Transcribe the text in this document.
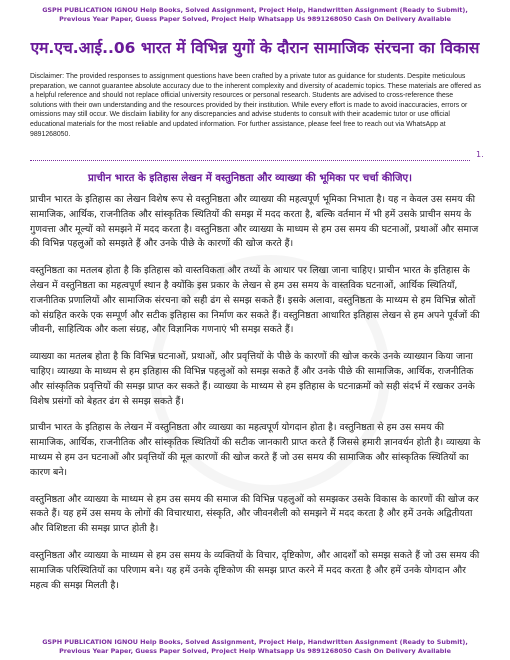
GSPH PUBLICATION IGNOU Help Books, Solved Assignment, Project Help, Handwritten Assignment (Ready to Submit),
Previous Year Paper, Guess Paper Solved, Project Help Whatsapp Us 9891268050 Cash On Delivery Available
एम.एच.आई..06 भारत में विभिन्न युगों के दौरान सामाजिक संरचना का विकास
Disclaimer: The provided responses to assignment questions have been crafted by a private tutor as guidance for students. Despite meticulous preparation, we cannot guarantee absolute accuracy due to the inherent complexity and diversity of academic topics. These materials are offered as a helpful reference and should not replace official university resources or personal research. Students are advised to cross-reference these solutions with their own understanding and the resources provided by their institution. While every effort is made to avoid inaccuracies, errors or omissions may still occur. We disclaim liability for any discrepancies and advise students to consult with their academic tutor or use official educational materials for the most reliable and updated information. For further assistance, please feel free to reach out via WhatsApp at 9891268050.
1.
प्राचीन भारत के इतिहास लेखन में वस्तुनिष्ठता और व्याख्या की भूमिका पर चर्चा कीजिए।

प्राचीन भारत के इतिहास का लेखन विशेष रूप से वस्तुनिष्ठता और व्याख्या की महत्वपूर्ण भूमिका निभाता है। यह न केवल उस समय की सामाजिक, आर्थिक, राजनीतिक और सांस्कृतिक स्थितियों की समझ में मदद करता है, बल्कि वर्तमान में भी हमें उसके प्राचीन समय के गुणवत्ता और मूल्यों को समझने में मदद करता है। वस्तुनिष्ठता और व्याख्या के माध्यम से हम उस समय की घटनाओं, प्रथाओं और समाज की विभिन्न पहलुओं को समझते हैं और उनके पीछे के कारणों की खोज करते हैं।

वस्तुनिष्ठता का मतलब होता है कि इतिहास को वास्तविकता और तथ्यों के आधार पर लिखा जाना चाहिए। प्राचीन भारत के इतिहास के लेखन में वस्तुनिष्ठता का महत्वपूर्ण स्थान है क्योंकि इस प्रकार के लेखन से हम उस समय के वास्तविक घटनाओं, आर्थिक स्थितियाँ, राजनीतिक प्रणालियों और सामाजिक संरचना को सही ढंग से समझ सकते हैं। इसके अलावा, वस्तुनिष्ठता के माध्यम से हम विभिन्न स्रोतों को संग्रहित करके एक सम्पूर्ण और सटीक इतिहास का निर्माण कर सकते हैं। वस्तुनिष्ठता आधारित इतिहास लेखन से हम अपने पूर्वजों की जीवनी, साहित्यिक और कला संग्रह, और विज्ञानिक गणनाएं भी समझ सकते हैं।

व्याख्या का मतलब होता है कि विभिन्न घटनाओं, प्रथाओं, और प्रवृत्तियों के पीछे के कारणों की खोज करके उनके व्याख्यान किया जाना चाहिए। व्याख्या के माध्यम से हम इतिहास की विभिन्न पहलुओं को समझ सकते हैं और उनके पीछे की सामाजिक, आर्थिक, राजनीतिक और सांस्कृतिक प्रवृत्तियों की समझ प्राप्त कर सकते हैं। व्याख्या के माध्यम से हम इतिहास के घटनाक्रमों को सही संदर्भ में रखकर उनके विशेष प्रसंगों को बेहतर ढंग से समझ सकते हैं।

प्राचीन भारत के इतिहास के लेखन में वस्तुनिष्ठता और व्याख्या का महत्वपूर्ण योगदान होता है। वस्तुनिष्ठता से हम उस समय की सामाजिक, आर्थिक, राजनीतिक और सांस्कृतिक स्थितियों की सटीक जानकारी प्राप्त करते हैं जिससे हमारी ज्ञानवर्धन होती है। व्याख्या के माध्यम से हम उन घटनाओं और प्रवृत्तियों की मूल कारणों की खोज करते हैं जो उस समय की सामाजिक और सांस्कृतिक स्थितियों का कारण बने।

वस्तुनिष्ठता और व्याख्या के माध्यम से हम उस समय की समाज की विभिन्न पहलुओं को समझकर उसके विकास के कारणों की खोज कर सकते हैं। यह हमें उस समय के लोगों की विचारधारा, संस्कृति, और जीवनशैली को समझने में मदद करता है और हमें उनके अद्वितीयता और विशिष्टता की समझ प्राप्त होती है।

वस्तुनिष्ठता और व्याख्या के माध्यम से हम उस समय के व्यक्तियों के विचार, दृष्टिकोण, और आदर्शों को समझ सकते हैं जो उस समय की सामाजिक परिस्थितियों का परिणाम बने। यह हमें उनके दृष्टिकोण की समझ प्राप्त करने में मदद करता है और हमें उनके योगदान और महत्व की समझ मिलती है।

GSPH PUBLICATION IGNOU Help Books, Solved Assignment, Project Help, Handwritten Assignment (Ready to Submit),
Previous Year Paper, Guess Paper Solved, Project Help Whatsapp Us 9891268050 Cash On Delivery Available
